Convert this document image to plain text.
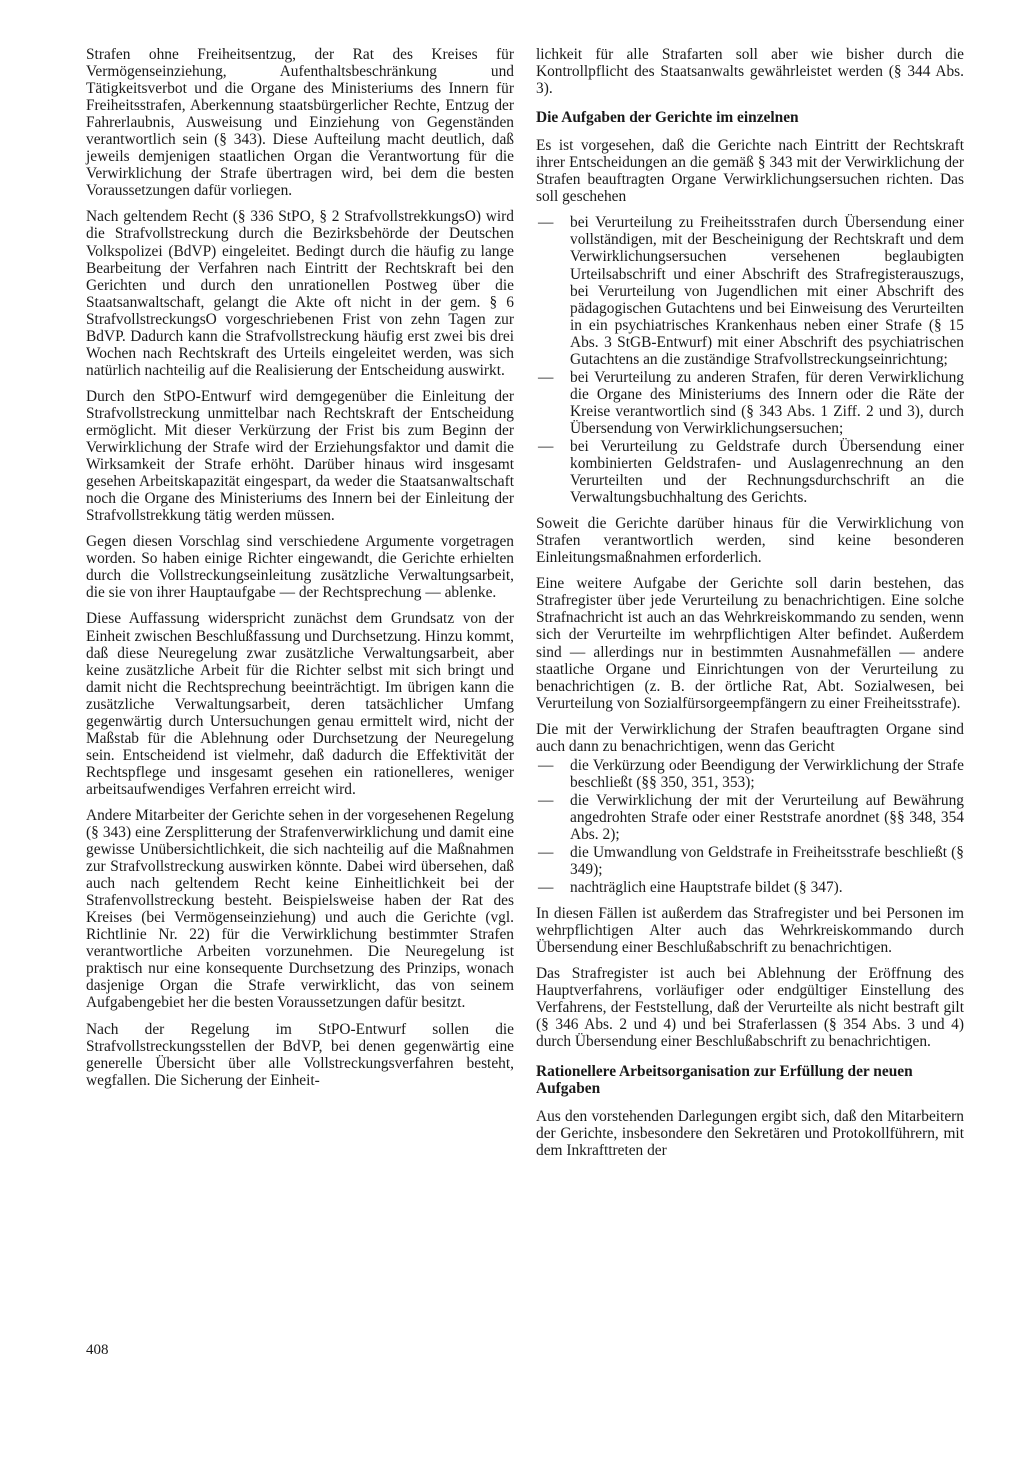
Strafen ohne Freiheitsentzug, der Rat des Kreises für Vermögenseinziehung, Aufenthaltsbeschränkung und Tätigkeitsverbot und die Organe des Ministeriums des Innern für Freiheitsstrafen, Aberkennung staatsbürgerlicher Rechte, Entzug der Fahrerlaubnis, Ausweisung und Einziehung von Gegenständen verantwortlich sein (§ 343). Diese Aufteilung macht deutlich, daß jeweils demjenigen staatlichen Organ die Verantwortung für die Verwirklichung der Strafe übertragen wird, bei dem die besten Voraussetzungen dafür vorliegen.

Nach geltendem Recht (§ 336 StPO, § 2 StrafvollstrekkungsO) wird die Strafvollstreckung durch die Bezirksbehörde der Deutschen Volkspolizei (BdVP) eingeleitet. Bedingt durch die häufig zu lange Bearbeitung der Verfahren nach Eintritt der Rechtskraft bei den Gerichten und durch den unrationellen Postweg über die Staatsanwaltschaft, gelangt die Akte oft nicht in der gem. § 6 StrafvollstreckungsO vorgeschriebenen Frist von zehn Tagen zur BdVP. Dadurch kann die Strafvollstreckung häufig erst zwei bis drei Wochen nach Rechtskraft des Urteils eingeleitet werden, was sich natürlich nachteilig auf die Realisierung der Entscheidung auswirkt.

Durch den StPO-Entwurf wird demgegenüber die Einleitung der Strafvollstreckung unmittelbar nach Rechtskraft der Entscheidung ermöglicht. Mit dieser Verkürzung der Frist bis zum Beginn der Verwirklichung der Strafe wird der Erziehungsfaktor und damit die Wirksamkeit der Strafe erhöht. Darüber hinaus wird insgesamt gesehen Arbeitskapazität eingespart, da weder die Staatsanwaltschaft noch die Organe des Ministeriums des Innern bei der Einleitung der Strafvollstrekkung tätig werden müssen.

Gegen diesen Vorschlag sind verschiedene Argumente vorgetragen worden. So haben einige Richter eingewandt, die Gerichte erhielten durch die Vollstreckungseinleitung zusätzliche Verwaltungsarbeit, die sie von ihrer Hauptaufgabe — der Rechtsprechung — ablenke.

Diese Auffassung widerspricht zunächst dem Grundsatz von der Einheit zwischen Beschlußfassung und Durchsetzung. Hinzu kommt, daß diese Neuregelung zwar zusätzliche Verwaltungsarbeit, aber keine zusätzliche Arbeit für die Richter selbst mit sich bringt und damit nicht die Rechtsprechung beeinträchtigt. Im übrigen kann die zusätzliche Verwaltungsarbeit, deren tatsächlicher Umfang gegenwärtig durch Untersuchungen genau ermittelt wird, nicht der Maßstab für die Ablehnung oder Durchsetzung der Neuregelung sein. Entscheidend ist vielmehr, daß dadurch die Effektivität der Rechtspflege und insgesamt gesehen ein rationelleres, weniger arbeitsaufwendiges Verfahren erreicht wird.

Andere Mitarbeiter der Gerichte sehen in der vorgesehenen Regelung (§ 343) eine Zersplitterung der Strafenverwirklichung und damit eine gewisse Unübersichtlichkeit, die sich nachteilig auf die Maßnahmen zur Strafvollstreckung auswirken könnte. Dabei wird übersehen, daß auch nach geltendem Recht keine Einheitlichkeit bei der Strafenvollstreckung besteht. Beispielsweise haben der Rat des Kreises (bei Vermögenseinziehung) und auch die Gerichte (vgl. Richtlinie Nr. 22) für die Verwirklichung bestimmter Strafen verantwortliche Arbeiten vorzunehmen. Die Neuregelung ist praktisch nur eine konsequente Durchsetzung des Prinzips, wonach dasjenige Organ die Strafe verwirklicht, das von seinem Aufgabengebiet her die besten Voraussetzungen dafür besitzt.

Nach der Regelung im StPO-Entwurf sollen die Strafvollstreckungsstellen der BdVP, bei denen gegenwärtig eine generelle Übersicht über alle Vollstreckungsverfahren besteht, wegfallen. Die Sicherung der Einheit-

lichkeit für alle Strafarten soll aber wie bisher durch die Kontrollpflicht des Staatsanwalts gewährleistet werden (§ 344 Abs. 3).

Die Aufgaben der Gerichte im einzelnen

Es ist vorgesehen, daß die Gerichte nach Eintritt der Rechtskraft ihrer Entscheidungen an die gemäß § 343 mit der Verwirklichung der Strafen beauftragten Organe Verwirklichungsersuchen richten. Das soll geschehen

— bei Verurteilung zu Freiheitsstrafen durch Übersendung einer vollständigen, mit der Bescheinigung der Rechtskraft und dem Verwirklichungsersuchen versehenen beglaubigten Urteilsabschrift und einer Abschrift des Strafregisterauszugs, bei Verurteilung von Jugendlichen mit einer Abschrift des pädagogischen Gutachtens und bei Einweisung des Verurteilten in ein psychiatrisches Krankenhaus neben einer Strafe (§ 15 Abs. 3 StGB-Entwurf) mit einer Abschrift des psychiatrischen Gutachtens an die zuständige Strafvollstreckungseinrichtung;
— bei Verurteilung zu anderen Strafen, für deren Verwirklichung die Organe des Ministeriums des Innern oder die Räte der Kreise verantwortlich sind (§ 343 Abs. 1 Ziff. 2 und 3), durch Übersendung von Verwirklichungsersuchen;
— bei Verurteilung zu Geldstrafe durch Übersendung einer kombinierten Geldstrafen- und Auslagenrechnung an den Verurteilten und der Rechnungsdurchschrift an die Verwaltungsbuchhaltung des Gerichts.

Soweit die Gerichte darüber hinaus für die Verwirklichung von Strafen verantwortlich werden, sind keine besonderen Einleitungsmaßnahmen erforderlich.

Eine weitere Aufgabe der Gerichte soll darin bestehen, das Strafregister über jede Verurteilung zu benachrichtigen. Eine solche Strafnachricht ist auch an das Wehrkreiskommando zu senden, wenn sich der Verurteilte im wehrpflichtigen Alter befindet. Außerdem sind — allerdings nur in bestimmten Ausnahmefällen — andere staatliche Organe und Einrichtungen von der Verurteilung zu benachrichtigen (z. B. der örtliche Rat, Abt. Sozialwesen, bei Verurteilung von Sozialfürsorgeempfängern zu einer Freiheitsstrafe).

Die mit der Verwirklichung der Strafen beauftragten Organe sind auch dann zu benachrichtigen, wenn das Gericht

— die Verkürzung oder Beendigung der Verwirklichung der Strafe beschließt (§§ 350, 351, 353);
— die Verwirklichung der mit der Verurteilung auf Bewährung angedrohten Strafe oder einer Reststrafe anordnet (§§ 348, 354 Abs. 2);
— die Umwandlung von Geldstrafe in Freiheitsstrafe beschließt (§ 349);
— nachträglich eine Hauptstrafe bildet (§ 347).

In diesen Fällen ist außerdem das Strafregister und bei Personen im wehrpflichtigen Alter auch das Wehrkreiskommando durch Übersendung einer Beschlußabschrift zu benachrichtigen.

Das Strafregister ist auch bei Ablehnung der Eröffnung des Hauptverfahrens, vorläufiger oder endgültiger Einstellung des Verfahrens, der Feststellung, daß der Verurteilte als nicht bestraft gilt (§ 346 Abs. 2 und 4) und bei Straferlassen (§ 354 Abs. 3 und 4) durch Übersendung einer Beschlußabschrift zu benachrichtigen.

Rationellere Arbeitsorganisation zur Erfüllung der neuen Aufgaben

Aus den vorstehenden Darlegungen ergibt sich, daß den Mitarbeitern der Gerichte, insbesondere den Sekretären und Protokollführern, mit dem Inkrafttreten der

408
